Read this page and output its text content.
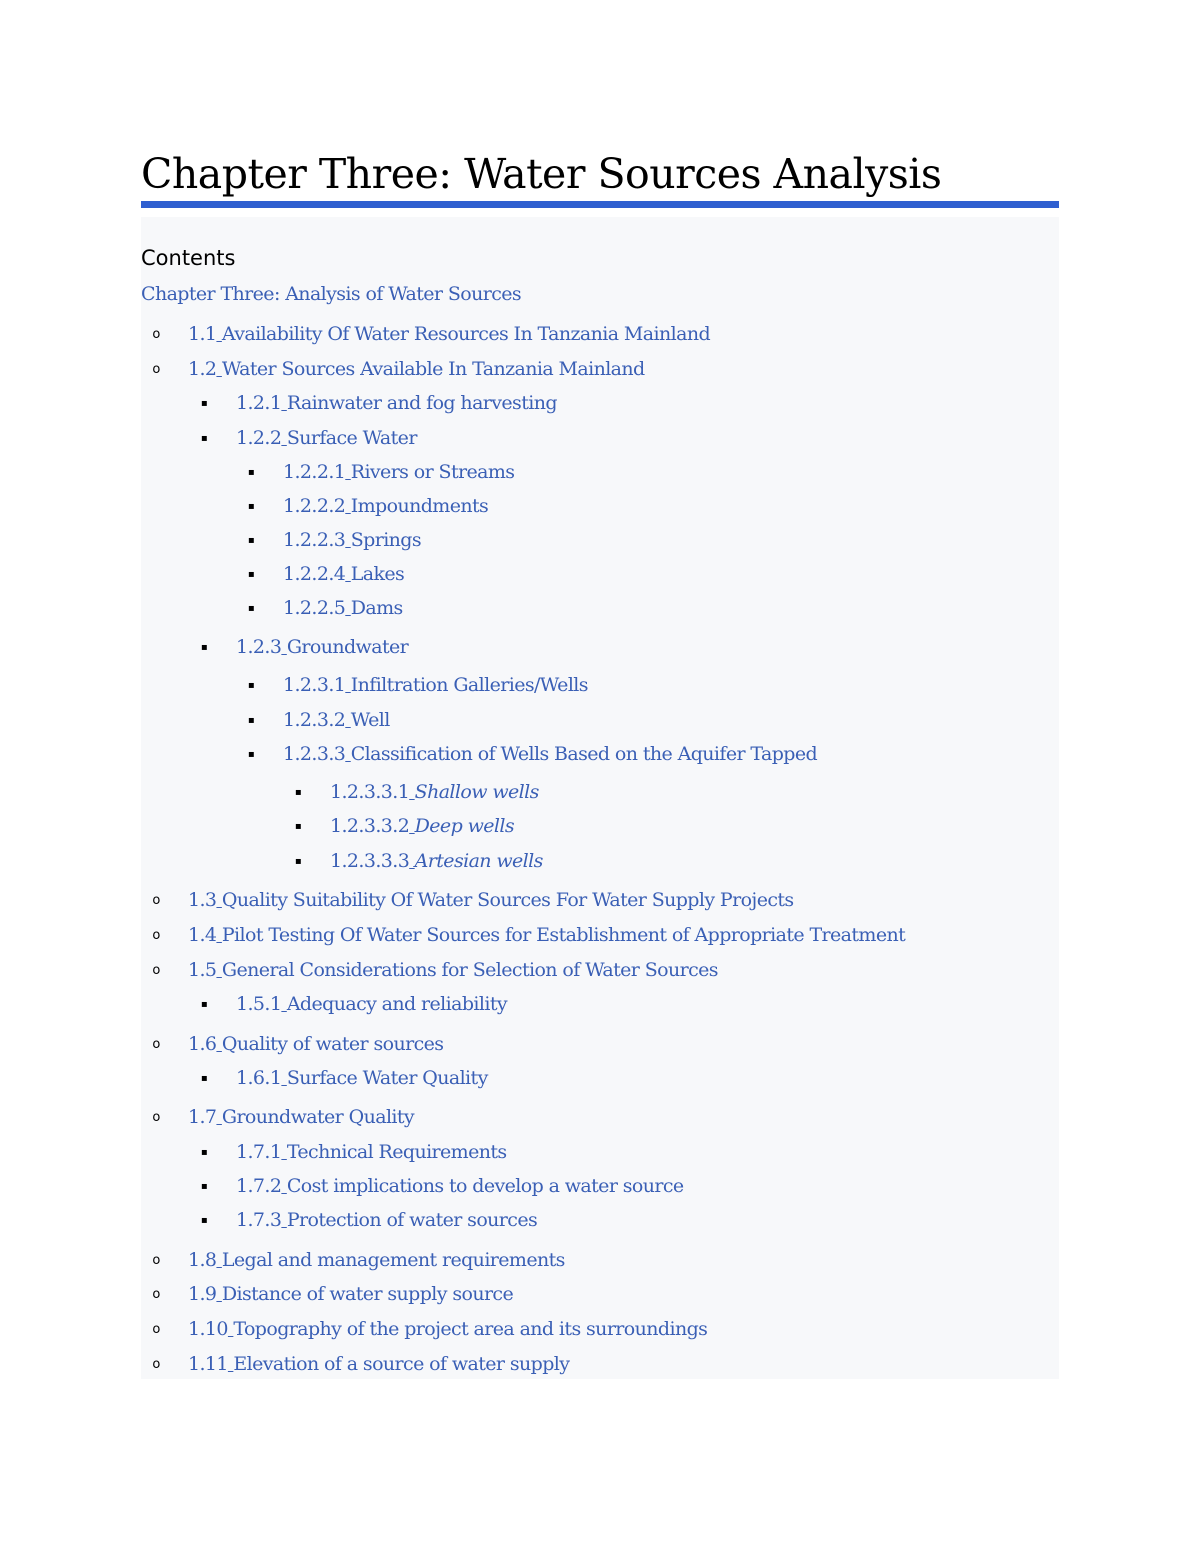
Chapter Three: Water Sources Analysis
Contents
Chapter Three: Analysis of Water Sources
o	1.1
Availability Of Water Resources In Tanzania Mainland
o	1.2
Water Sources Available In Tanzania Mainland
▪	1.2.1
Rainwater and fog harvesting
▪	1.2.2
Surface Water
▪	1.2.2.1
Rivers or Streams
▪	1.2.2.2
Impoundments
▪	1.2.2.3
Springs
▪	1.2.2.4
Lakes
▪	1.2.2.5
Dams
▪	1.2.3
Groundwater
▪	1.2.3.1
Infiltration Galleries/Wells
▪	1.2.3.2
Well
▪	1.2.3.3
Classification of Wells Based on the Aquifer Tapped
▪	1.2.3.3.1
Shallow wells
▪	1.2.3.3.2
Deep wells
▪	1.2.3.3.3
Artesian wells
o	1.3
Quality Suitability Of Water Sources For Water Supply Projects
o	1.4
Pilot Testing Of Water Sources for Establishment of Appropriate Treatment
o	1.5
General Considerations for Selection of Water Sources
▪	1.5.1
Adequacy and reliability
o	1.6
Quality of water sources
▪	1.6.1
Surface Water Quality
o	1.7
Groundwater Quality
▪	1.7.1
Technical Requirements
▪	1.7.2
Cost implications to develop a water source
▪	1.7.3
Protection of water sources
o	1.8
Legal and management requirements
o	1.9
Distance of water supply source
o	1.10
Topography of the project area and its surroundings
o	1.11
Elevation of a source of water supply
